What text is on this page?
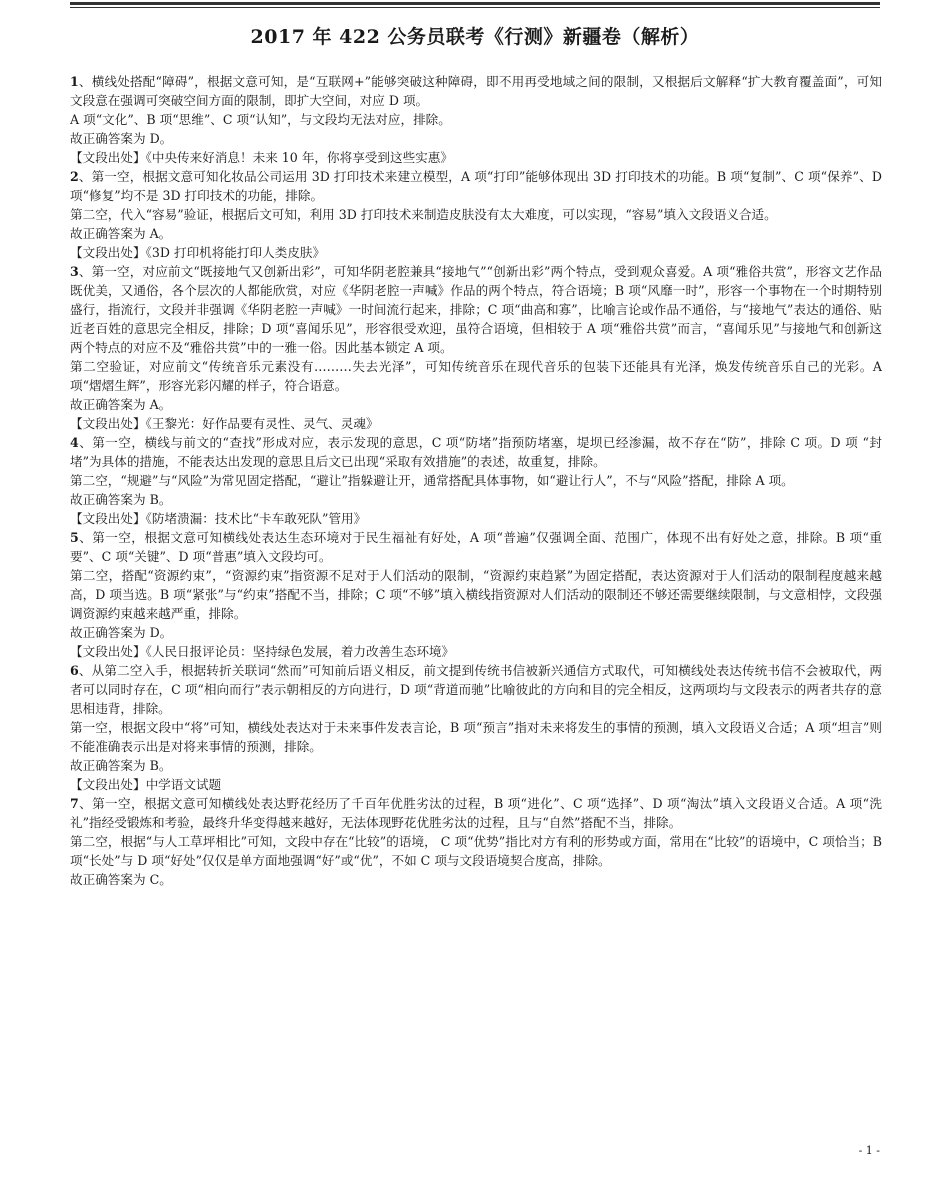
2017 年 422 公务员联考《行测》新疆卷（解析）

1、横线处搭配“障碍”，根据文意可知，是“互联网+”能够突破这种障碍，即不用再受地域之间的限制，又根据后文解释“扩大教育覆盖面”，可知文段意在强调可突破空间方面的限制，即扩大空间，对应 D 项。

A 项“文化”、B 项“思维”、C 项“认知”，与文段均无法对应，排除。

故正确答案为 D。

【文段出处】《中央传来好消息！未来 10 年，你将享受到这些实惠》

2、第一空，根据文意可知化妆品公司运用 3D 打印技术来建立模型，A 项“打印”能够体现出 3D 打印技术的功能。B 项“复制”、C 项“保养”、D 项“修复”均不是 3D 打印技术的功能，排除。

第二空，代入“容易”验证，根据后文可知，利用 3D 打印技术来制造皮肤没有太大难度，可以实现，“容易”填入文段语义合适。

故正确答案为 A。

【文段出处】《3D 打印机将能打印人类皮肤》

3、第一空，对应前文“既接地气又创新出彩”，可知华阴老腔兼具“接地气”“创新出彩”两个特点，受到观众喜爱。A 项“雅俗共赏”，形容文艺作品既优美，又通俗，各个层次的人都能欣赏，对应《华阴老腔一声喊》作品的两个特点，符合语境；B 项“风靡一时”，形容一个事物在一个时期特别盛行，指流行，文段并非强调《华阴老腔一声喊》一时间流行起来，排除；C 项“曲高和寡”，比喻言论或作品不通俗，与“接地气”表达的通俗、贴近老百姓的意思完全相反，排除；D 项“喜闻乐见”，形容很受欢迎，虽符合语境，但相较于 A 项“雅俗共赏”而言，“喜闻乐见”与接地气和创新这两个特点的对应不及“雅俗共赏”中的一雅一俗。因此基本锁定 A 项。

第二空验证，对应前文“传统音乐元素没有………失去光泽”，可知传统音乐在现代音乐的包装下还能具有光泽，焕发传统音乐自己的光彩。A 项“熠熠生辉”，形容光彩闪耀的样子，符合语意。

故正确答案为 A。

【文段出处】《王黎光：好作品要有灵性、灵气、灵魂》

4、第一空，横线与前文的“查找”形成对应，表示发现的意思，C 项“防堵”指预防堵塞，堤坝已经渗漏，故不存在“防”，排除 C 项。D 项 “封堵”为具体的措施，不能表达出发现的意思且后文已出现“采取有效措施”的表述，故重复，排除。

第二空，“规避”与“风险”为常见固定搭配，“避让”指躲避让开，通常搭配具体事物，如“避让行人”，不与“风险”搭配，排除 A 项。

故正确答案为 B。

【文段出处】《防堵溃漏：技术比“卡车敢死队”管用》

5、第一空，根据文意可知横线处表达生态环境对于民生福祉有好处，A 项“普遍”仅强调全面、范围广，体现不出有好处之意，排除。B 项“重要”、C 项“关键”、D 项“普惠”填入文段均可。

第二空，搭配“资源约束”，“资源约束”指资源不足对于人们活动的限制，“资源约束趋紧”为固定搭配，表达资源对于人们活动的限制程度越来越高，D 项当选。B 项“紧张”与“约束”搭配不当，排除；C 项“不够”填入横线指资源对人们活动的限制还不够还需要继续限制，与文意相悖，文段强调资源约束越来越严重，排除。

故正确答案为 D。

【文段出处】《人民日报评论员：坚持绿色发展，着力改善生态环境》

6、从第二空入手，根据转折关联词“然而”可知前后语义相反，前文提到传统书信被新兴通信方式取代，可知横线处表达传统书信不会被取代，两者可以同时存在，C 项“相向而行”表示朝相反的方向进行，D 项“背道而驰”比喻彼此的方向和目的完全相反，这两项均与文段表示的两者共存的意思相违背，排除。

第一空，根据文段中“将”可知，横线处表达对于未来事件发表言论，B 项“预言”指对未来将发生的事情的预测，填入文段语义合适；A 项“坦言”则不能准确表示出是对将来事情的预测，排除。

故正确答案为 B。

【文段出处】中学语文试题

7、第一空，根据文意可知横线处表达野花经历了千百年优胜劣汰的过程，B 项“进化”、C 项“选择”、D 项“淘汰”填入文段语义合适。A 项“洗礼”指经受锻炼和考验，最终升华变得越来越好，无法体现野花优胜劣汰的过程，且与“自然”搭配不当，排除。

第二空，根据“与人工草坪相比”可知，文段中存在“比较”的语境， C 项“优势”指比对方有利的形势或方面，常用在“比较”的语境中，C 项恰当；B 项“长处”与 D 项“好处”仅仅是单方面地强调“好”或“优”，不如 C 项与文段语境契合度高，排除。

故正确答案为 C。

- 1 -
